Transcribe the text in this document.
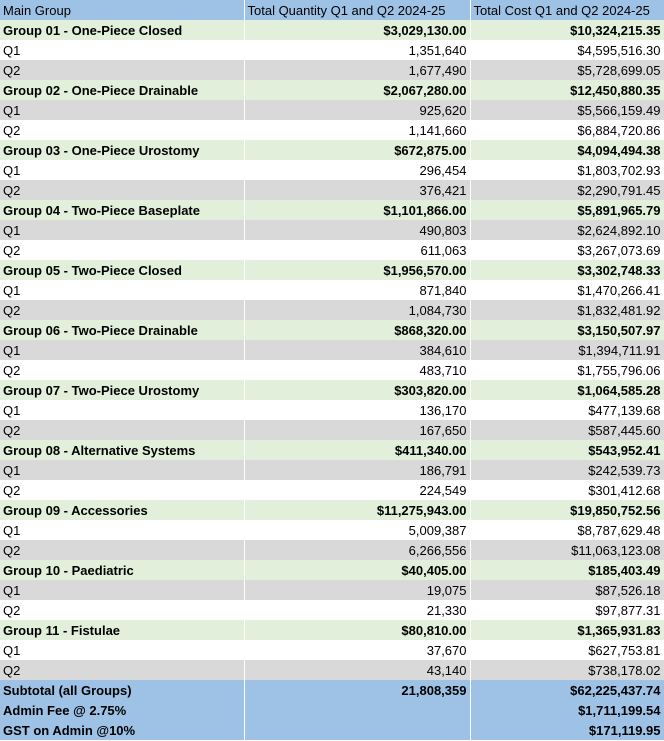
Main Group	Total Quantity Q1 and Q2 2024-25	Total Cost Q1 and Q2 2024-25
Group 01 - One-Piece Closed	$3,029,130.00	$10,324,215.35
Q1	1,351,640	$4,595,516.30
Q2	1,677,490	$5,728,699.05
Group 02 - One-Piece Drainable	$2,067,280.00	$12,450,880.35
Q1	925,620	$5,566,159.49
Q2	1,141,660	$6,884,720.86
Group 03 - One-Piece Urostomy	$672,875.00	$4,094,494.38
Q1	296,454	$1,803,702.93
Q2	376,421	$2,290,791.45
Group 04 - Two-Piece Baseplate	$1,101,866.00	$5,891,965.79
Q1	490,803	$2,624,892.10
Q2	611,063	$3,267,073.69
Group 05 - Two-Piece Closed	$1,956,570.00	$3,302,748.33
Q1	871,840	$1,470,266.41
Q2	1,084,730	$1,832,481.92
Group 06 - Two-Piece Drainable	$868,320.00	$3,150,507.97
Q1	384,610	$1,394,711.91
Q2	483,710	$1,755,796.06
Group 07 - Two-Piece Urostomy	$303,820.00	$1,064,585.28
Q1	136,170	$477,139.68
Q2	167,650	$587,445.60
Group 08 - Alternative Systems	$411,340.00	$543,952.41
Q1	186,791	$242,539.73
Q2	224,549	$301,412.68
Group 09 - Accessories	$11,275,943.00	$19,850,752.56
Q1	5,009,387	$8,787,629.48
Q2	6,266,556	$11,063,123.08
Group 10 - Paediatric	$40,405.00	$185,403.49
Q1	19,075	$87,526.18
Q2	21,330	$97,877.31
Group 11 - Fistulae	$80,810.00	$1,365,931.83
Q1	37,670	$627,753.81
Q2	43,140	$738,178.02
Subtotal (all Groups)	21,808,359	$62,225,437.74
Admin Fee @ 2.75%		$1,711,199.54
GST on Admin @10%		$171,119.95
